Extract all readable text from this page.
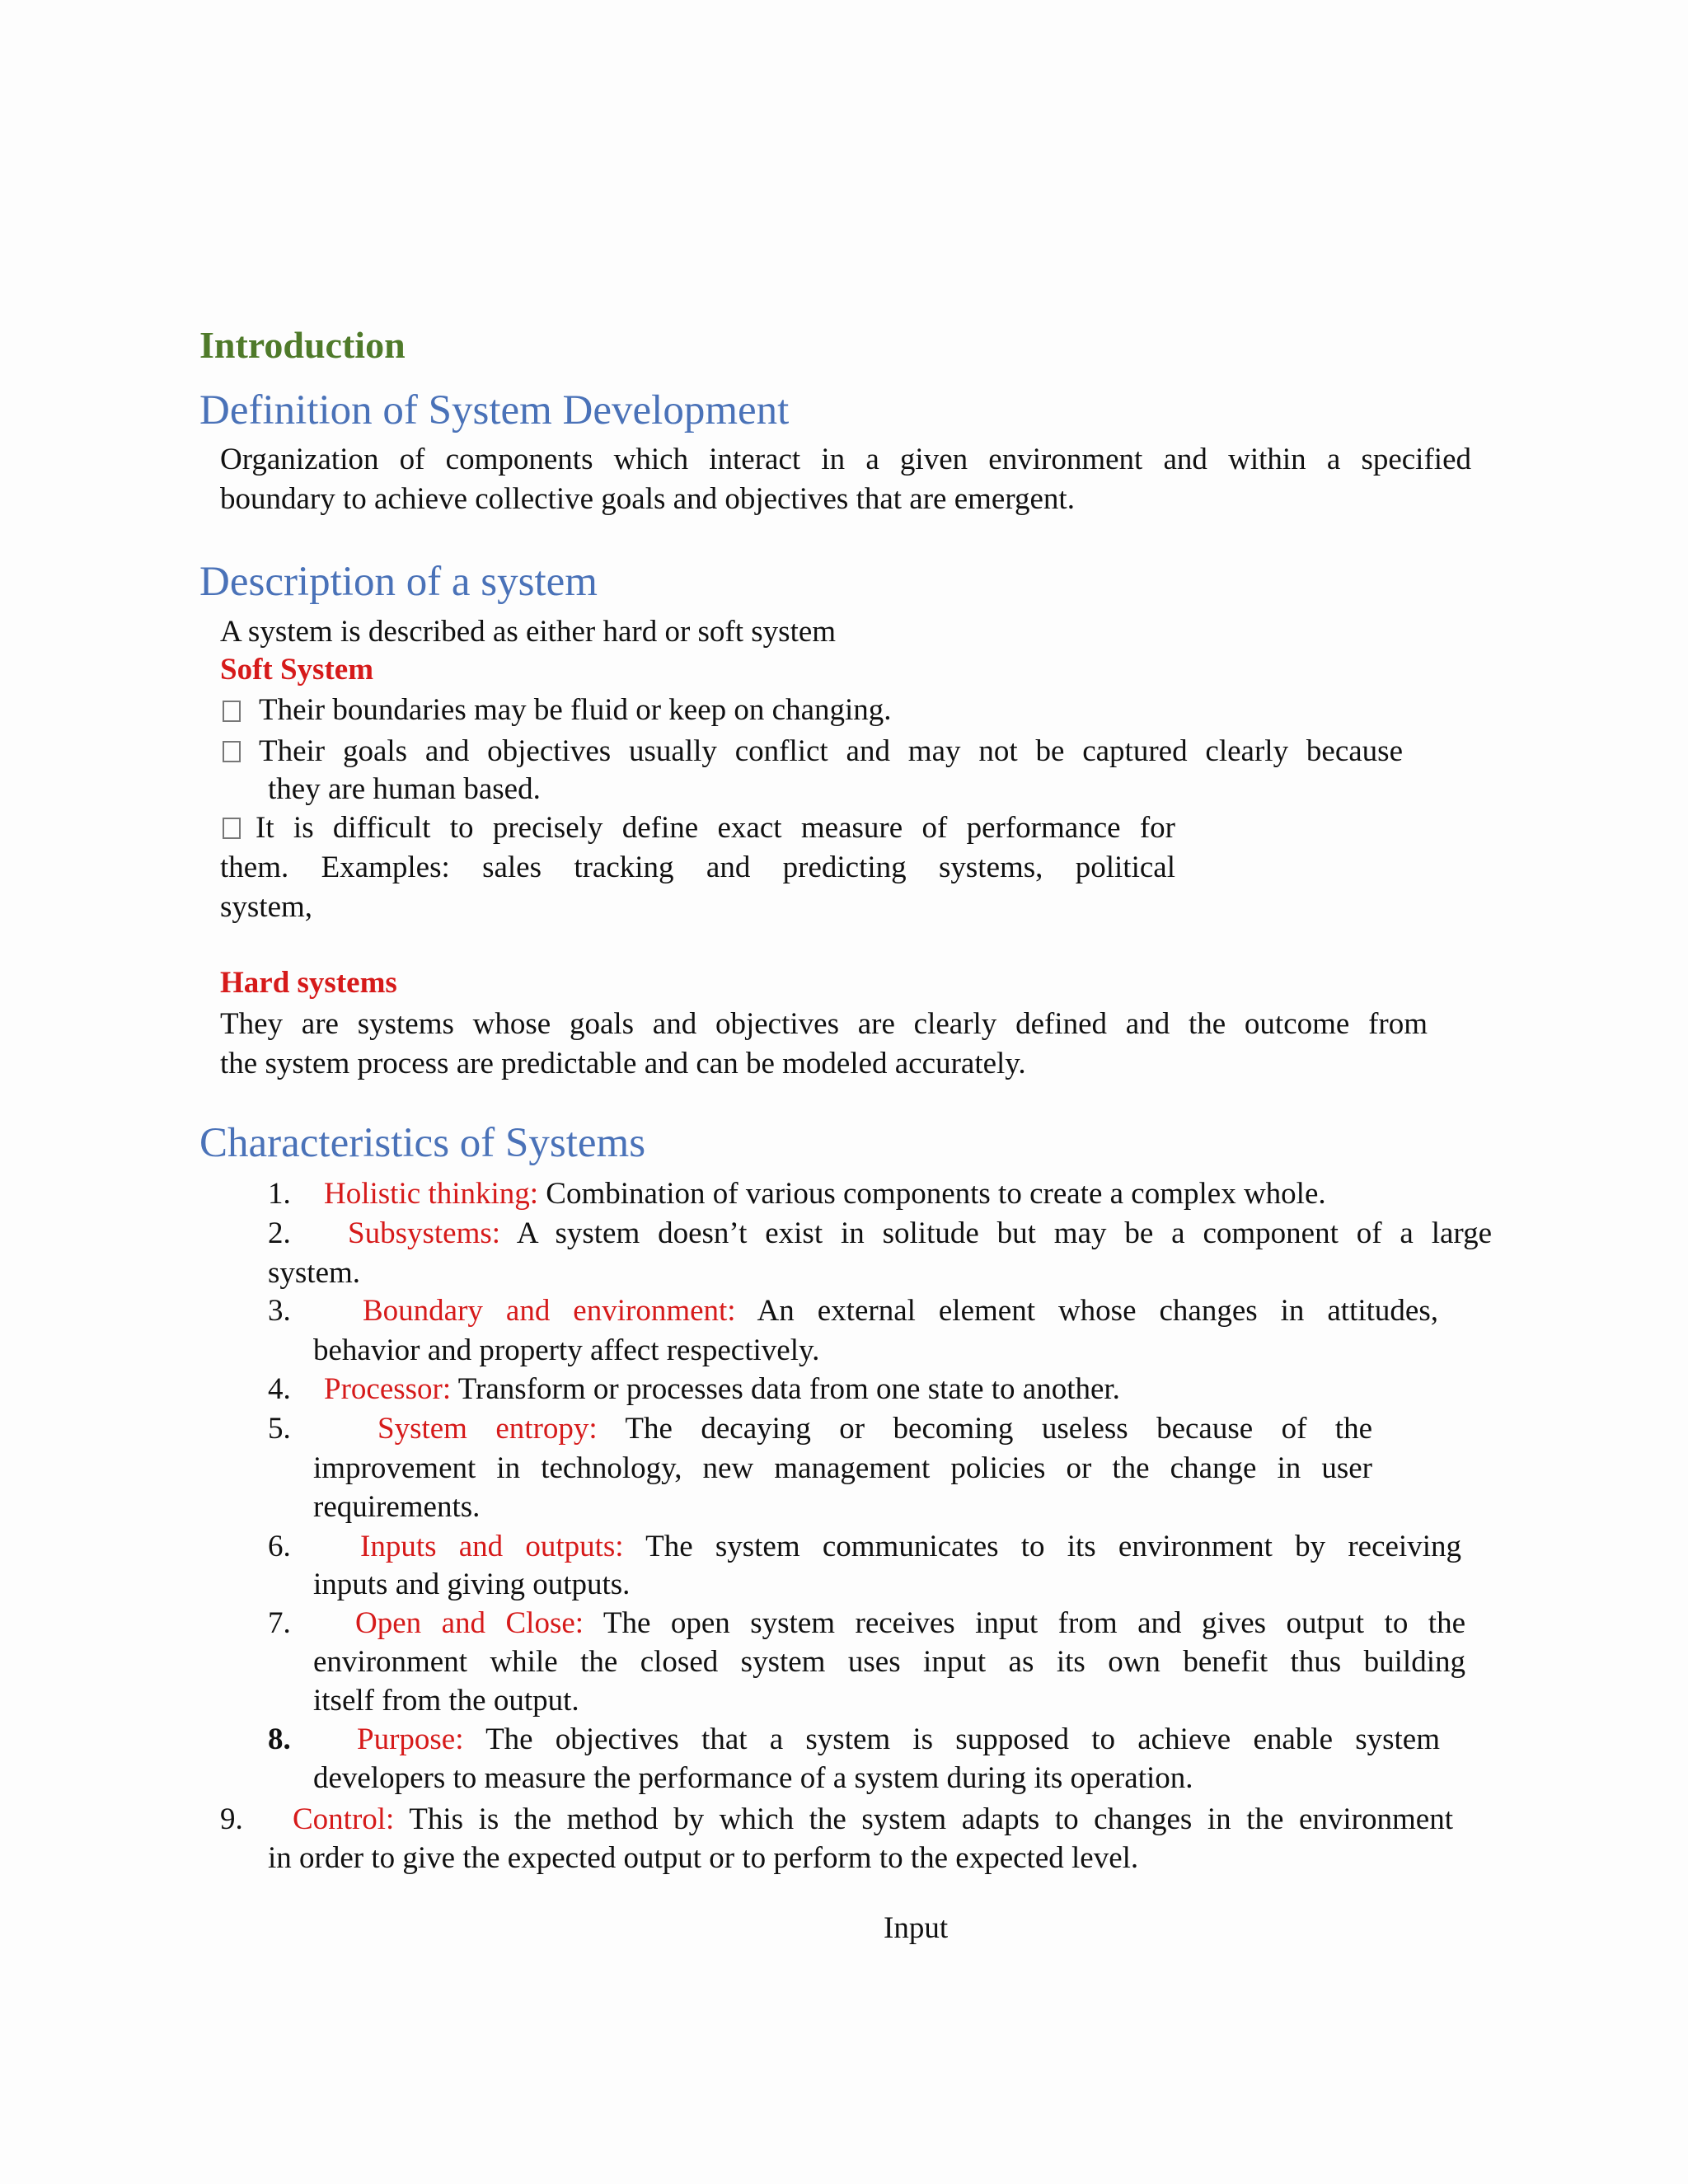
Introduction
Definition of System Development
Organization of components which interact in a given environment and within a specified
boundary to achieve collective goals and objectives that are emergent.
Description of a system
A system is described as either hard or soft system
Soft System
Their boundaries may be fluid or keep on changing.
Their goals and objectives usually conflict and may not be captured clearly because
they are human based.
It is difficult to precisely define exact measure of performance for
them. Examples: sales tracking and predicting systems, political
system,
Hard systems
They are systems whose goals and objectives are clearly defined and the outcome from
the system process are predictable and can be modeled accurately.
Characteristics of Systems
1. Holistic thinking: Combination of various components to create a complex whole.
2.	Subsystems: A system doesn’t exist in solitude but may be a component of a large
system.
3.	Boundary and environment: An external element whose changes in attitudes,
behavior and property affect respectively.
4. Processor: Transform or processes data from one state to another.
5.	System entropy: The decaying or becoming useless because of the
improvement in technology, new management policies or the change in user
requirements.
6.	Inputs and outputs: The system communicates to its environment by receiving
inputs and giving outputs.
7.	Open and Close: The open system receives input from and gives output to the
environment while the closed system uses input as its own benefit thus building
itself from the output.
8.	Purpose: The objectives that a system is supposed to achieve enable system
developers to measure the performance of a system during its operation.
9.	Control: This is the method by which the system adapts to changes in the environment
in order to give the expected output or to perform to the expected level.
Input
